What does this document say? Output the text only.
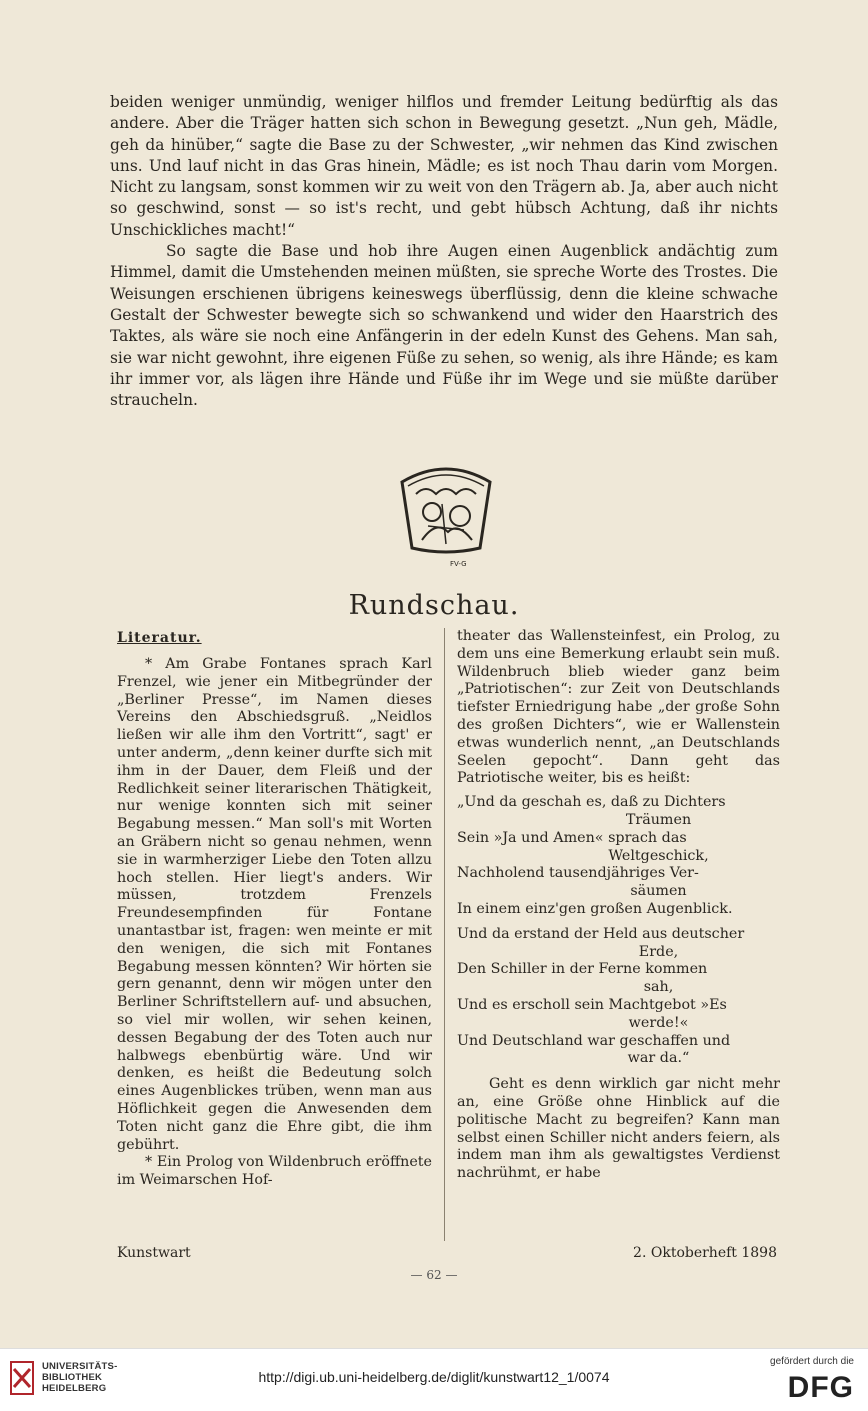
beiden weniger unmündig, weniger hilflos und fremder Leitung bedürftig als das andere. Aber die Träger hatten sich schon in Bewegung gesetzt. „Nun geh, Mädle, geh da hinüber,“ sagte die Base zu der Schwester, „wir nehmen das Kind zwischen uns. Und lauf nicht in das Gras hinein, Mädle; es ist noch Thau darin vom Morgen. Nicht zu langsam, sonst kommen wir zu weit von den Trägern ab. Ja, aber auch nicht so geschwind, sonst — so ist's recht, und gebt hübsch Achtung, daß ihr nichts Unschickliches macht!“

So sagte die Base und hob ihre Augen einen Augenblick andächtig zum Himmel, damit die Umstehenden meinen müßten, sie spreche Worte des Trostes. Die Weisungen erschienen übrigens keineswegs überflüssig, denn die kleine schwache Gestalt der Schwester bewegte sich so schwankend und wider den Haarstrich des Taktes, als wäre sie noch eine Anfängerin in der edeln Kunst des Gehens. Man sah, sie war nicht gewohnt, ihre eigenen Füße zu sehen, so wenig, als ihre Hände; es kam ihr immer vor, als lägen ihre Hände und Füße ihr im Wege und sie müßte darüber straucheln.

FV-G
Rundschau.
Literatur.

* Am Grabe Fontanes sprach Karl Frenzel, wie jener ein Mitbegründer der „Berliner Presse“, im Namen dieses Vereins den Abschiedsgruß. „Neidlos ließen wir alle ihm den Vortritt“, sagt' er unter anderm, „denn keiner durfte sich mit ihm in der Dauer, dem Fleiß und der Redlichkeit seiner literarischen Thätigkeit, nur wenige konnten sich mit seiner Begabung messen.“ Man soll's mit Worten an Gräbern nicht so genau nehmen, wenn sie in warmherziger Liebe den Toten allzu hoch stellen. Hier liegt's anders. Wir müssen, trotzdem Frenzels Freundesempfinden für Fontane unantastbar ist, fragen: wen meinte er mit den wenigen, die sich mit Fontanes Begabung messen könnten? Wir hörten sie gern genannt, denn wir mögen unter den Berliner Schriftstellern auf- und absuchen, so viel mir wollen, wir sehen keinen, dessen Begabung der des Toten auch nur halbwegs ebenbürtig wäre. Und wir denken, es heißt die Bedeutung solch eines Augenblickes trüben, wenn man aus Höflichkeit gegen die Anwesenden dem Toten nicht ganz die Ehre gibt, die ihm gebührt.

* Ein Prolog von Wildenbruch eröffnete im Weimarschen Hof-

theater das Wallensteinfest, ein Prolog, zu dem uns eine Bemerkung erlaubt sein muß. Wildenbruch blieb wieder ganz beim „Patriotischen“: zur Zeit von Deutschlands tiefster Erniedrigung habe „der große Sohn des großen Dichters“, wie er Wallenstein etwas wunderlich nennt, „an Deutschlands Seelen gepocht“. Dann geht das Patriotische weiter, bis es heißt:

„Und da geschah es, daß zu Dichters
Träumen
Sein »Ja und Amen« sprach das
Weltgeschick,
Nachholend tausendjähriges Ver-
säumen
In einem einz'gen großen Augenblick.
Und da erstand der Held aus deutscher
Erde,
Den Schiller in der Ferne kommen
sah,
Und es erscholl sein Machtgebot »Es
werde!«
Und Deutschland war geschaffen und
war da.“

Geht es denn wirklich gar nicht mehr an, eine Größe ohne Hinblick auf die politische Macht zu begreifen? Kann man selbst einen Schiller nicht anders feiern, als indem man ihm als gewaltigstes Verdienst nachrühmt, er habe

Kunstwart	2. Oktoberheft 1898
— 62 —
UNIVERSITÄTS-
BIBLIOTHEK
HEIDELBERG
http://digi.ub.uni-heidelberg.de/diglit/kunstwart12_1/0074
gefördert durch die
DFG
